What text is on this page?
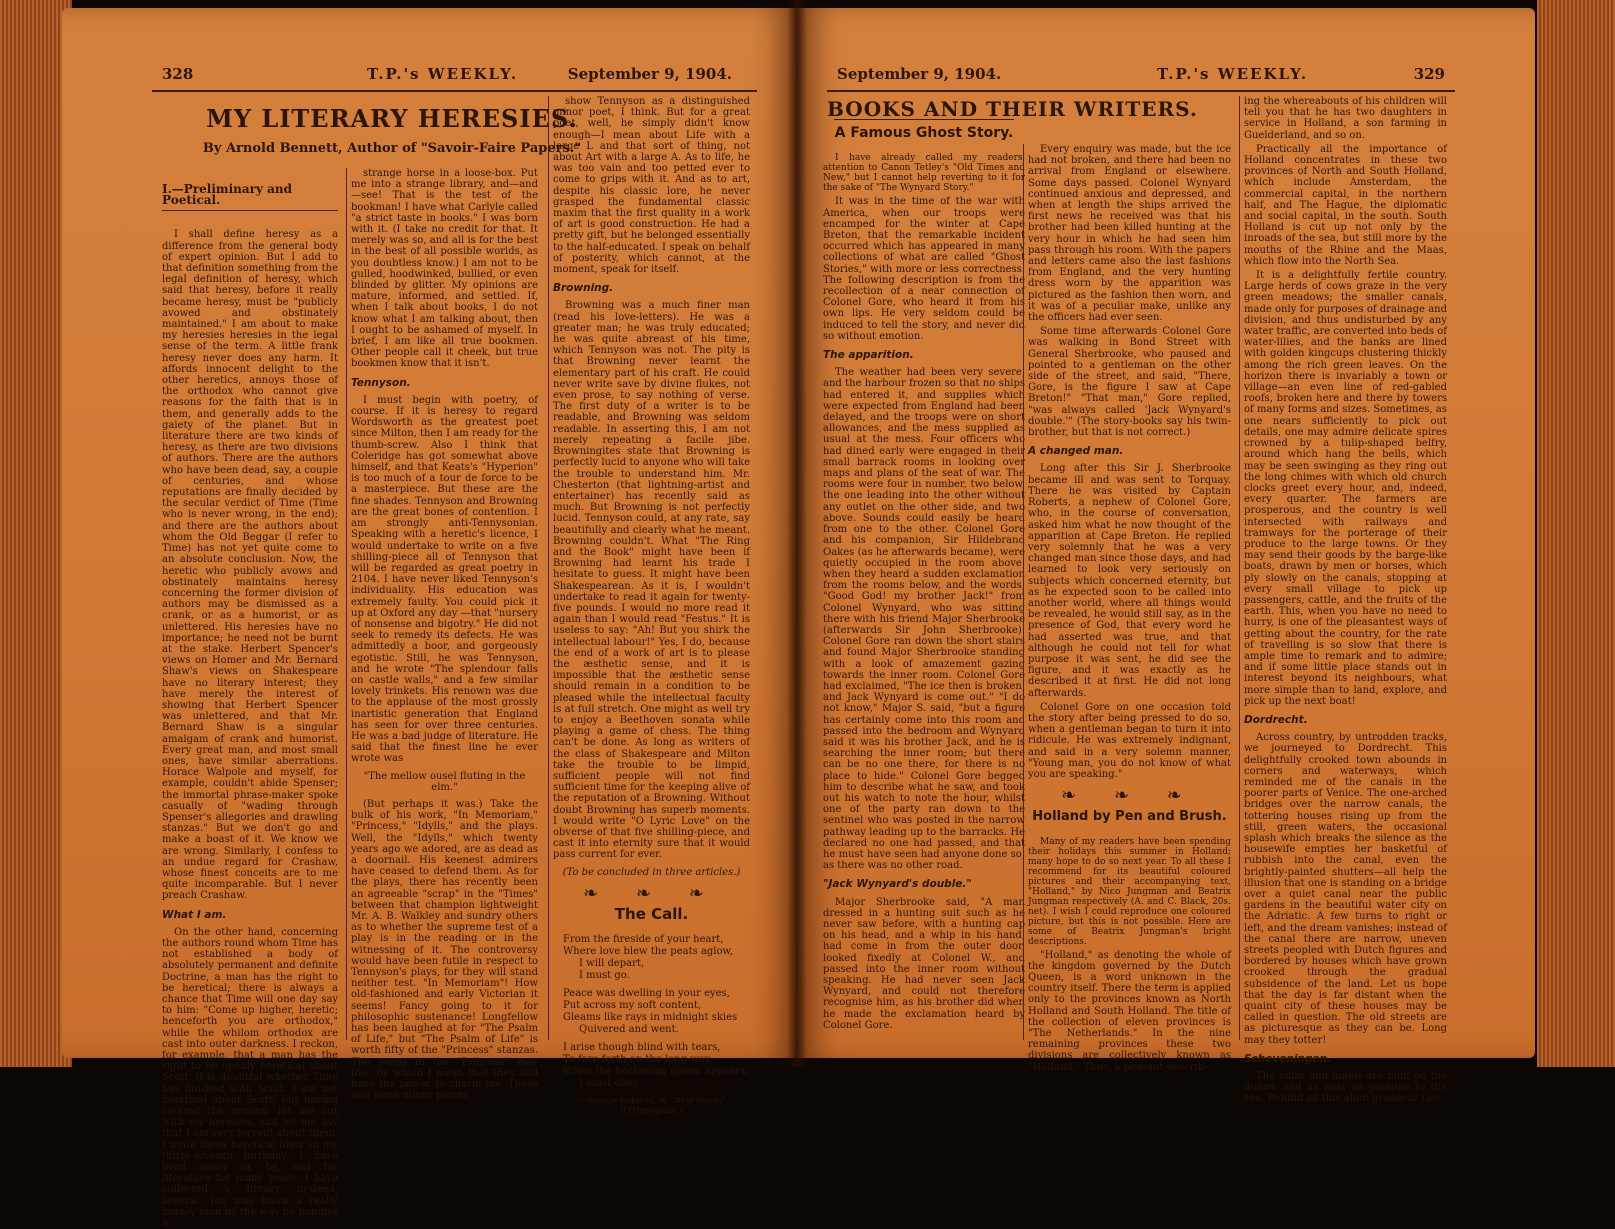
328	T.P.'s WEEKLY.	September 9, 1904.
MY LITERARY HERESIES.
By Arnold Bennett, Author of "Savoir-Faire Papers."
I.—Preliminary and Poetical.

I shall define heresy as a difference from the general body of expert opinion. But I add to that definition something from the legal definition of heresy, which said that heresy, before it really became heresy, must be "publicly avowed and obstinately maintained." I am about to make my heresies heresies in the legal sense of the term. A little frank heresy never does any harm. It affords innocent delight to the other heretics, annoys those of the orthodox who cannot give reasons for the faith that is in them, and generally adds to the gaiety of the planet. But in literature there are two kinds of heresy, as there are two divisions of authors. There are the authors who have been dead, say, a couple of centuries, and whose reputations are finally decided by the secular verdict of Time (Time who is never wrong, in the end); and there are the authors about whom the Old Beggar (I refer to Time) has not yet quite come to an absolute conclusion. Now, the heretic who publicly avows and obstinately maintains heresy concerning the former division of authors may be dismissed as a crank, or as a humorist, or as unlettered. His heresies have no importance; he need not be burnt at the stake. Herbert Spencer's views on Homer and Mr. Bernard Shaw's views on Shakespeare have no literary interest; they have merely the interest of showing that Herbert Spencer was unlettered, and that Mr. Bernard Shaw is a singular amalgam of crank and humorist. Every great man, and most small ones, have similar aberrations. Horace Walpole and myself, for example, couldn't abide Spenser; the immortal phrase-maker spoke casually of "wading through Spenser's allegories and drawling stanzas." But we don't go and make a boast of it. We know we are wrong. Similarly, I confess to an undue regard for Crashaw, whose finest conceits are to me quite incomparable. But I never preach Crashaw.

What I am.

On the other hand, concerning the authors round whom Time has not established a body of absolutely permanent and definite Doctrine, a man has the right to be heretical; there is always a chance that Time will one day say to him: "Come up higher, heretic; henceforth you are orthodox," while the whilom orthodox are cast into outer darkness. I reckon, for example, that a man has the right to be openly heretical about Scott; it is doubtful whether Time has finished with Scott. I am not heretical about Scott; but having cleared the ground, let me out with my heresies, and let me say that I am very fervent about them. I write these heretical lines on my thirty-seventh birthday. I have lived solely in, by, and for literature for many years. I have collected a library in-deed, several. You may know a really horsey man by the way he handles a

strange horse in a loose-box. Put me into a strange library, and—and—see! That is the test of the bookman! I have what Carlyle called "a strict taste in books." I was born with it. (I take no credit for that. It merely was so, and all is for the best in the best of all possible worlds, as you doubtless know.) I am not to be gulled, hoodwinked, bullied, or even blinded by glitter. My opinions are mature, informed, and settled. If, when I talk about books, I do not know what I am talking about, then I ought to be ashamed of myself. In brief, I am like all true bookmen. Other people call it cheek, but true bookmen know that it isn't.

Tennyson.

I must begin with poetry, of course. If it is heresy to regard Wordsworth as the greatest poet since Milton, then I am ready for the thumb-screw. Also I think that Coleridge has got somewhat above himself, and that Keats's "Hyperion" is too much of a tour de force to be a masterpiece. But these are the fine shades. Tennyson and Browning are the great bones of contention. I am strongly anti-Tennysonian. Speaking with a heretic's licence, I would undertake to write on a five shilling-piece all of Tennyson that will be regarded as great poetry in 2104. I have never liked Tennyson's individuality. His education was extremely faulty. You could pick it up at Oxford any day —that "nursery of nonsense and bigotry." He did not seek to remedy its defects. He was admittedly a boor, and gorgeously egotistic. Still, he was Tennyson, and he wrote "The splendour falls on castle walls," and a few similar lovely trinkets. His renown was due to the applause of the most grossly inartistic generation that England has seen for over three centuries. He was a bad judge of literature. He said that the finest line he ever wrote was

"The mellow ousel fluting in the elm."

(But perhaps it was.) Take the bulk of his work, "In Memoriam," "Princess," "Idylls," and the plays. Well, the "Idylls," which twenty years ago we adored, are as dead as a doornail. His keenest admirers have ceased to defend them. As for the plays, there has recently been an agreeable "scrap" in the "Times" between that champion lightweight Mr. A. B. Walkley and sundry others as to whether the supreme test of a play is in the reading or in the witnessing of it. The controversy would have been futile in respect to Tennyson's plays, for they will stand neither test. "In Memoriam"! How old-fashioned and early Victorian it seems! Fancy going to it for philosophic sustenance! Longfellow has been laughed at for "The Psalm of Life," but "The Psalm of Life" is worth fifty of the "Princess" stanzas. The songs in the "Princess" may live, by which I mean that they still have the power to charm me. These and some minor pieces

show Tennyson as a distinguished minor poet, I think. But for a great poet, well, he simply didn't know enough—I mean about Life with a large L and that sort of thing, not about Art with a large A. As to life, he was too vain and too petted ever to come to grips with it. And as to art, despite his classic lore, he never grasped the fundamental classic maxim that the first quality in a work of art is good construction. He had a pretty gift, but he belonged essentially to the half-educated. I speak on behalf of posterity, which cannot, at the moment, speak for itself.

Browning.

Browning was a much finer man (read his love-letters). He was a greater man; he was truly educated; he was quite abreast of his time, which Tennyson was not. The pity is that Browning never learnt the elementary part of his craft. He could never write save by divine flukes, not even prose, to say nothing of verse. The first duty of a writer is to be readable, and Browning was seldom readable. In asserting this, I am not merely repeating a facile jibe. Browningites state that Browning is perfectly lucid to anyone who will take the trouble to understand him. Mr. Chesterton (that lightning-artist and entertainer) has recently said as much. But Browning is not perfectly lucid. Tennyson could, at any rate, say beautifully and clearly what he meant. Browning couldn't. What "The Ring and the Book" might have been if Browning had learnt his trade I hesitate to guess. It might have been Shakespearean. As it is, I wouldn't undertake to read it again for twenty-five pounds. I would no more read it again than I would read "Festus." It is useless to say: "Ah! But you shirk the intellectual labour!" Yes, I do, because the end of a work of art is to please the æsthetic sense, and it is impossible that the æsthetic sense should remain in a condition to be pleased while the intellectual faculty is at full stretch. One might as well try to enjoy a Beethoven sonata while playing a game of chess. The thing can't be done. As long as writers of the class of Shakespeare and Milton take the trouble to be limpid, sufficient people will not find sufficient time for the keeping alive of the reputation of a Browning. Without doubt Browning has superb moments. I would write "O Lyric Love" on the obverse of that five shilling-piece, and cast it into eternity sure that it would pass current for ever.

(To be concluded in three articles.)
❧ ❧ ❧
The Call.
From the fireside of your heart,
Where love blew the peats aglow,
I will depart,
I must go.
Peace was dwelling in your eyes,
Put across my soft content,
Gleams like rays in midnight skies
Quivered and went.
I arise though blind with tears,
To fare forth on the long way.
When the beckoning gleam appears,
I must obey.
—George Roberts, in "New Songs" (O'Donoghue.)
September 9, 1904.	T.P.'s WEEKLY.	329
BOOKS AND THEIR WRITERS.
A Famous Ghost Story.

I have already called my readers' attention to Canon Tetley's "Old Times and New," but I cannot help reverting to it for the sake of "The Wynyard Story."

It was in the time of the war with America, when our troops were encamped for the winter at Cape Breton, that the remarkable incident occurred which has appeared in many collections of what are called "Ghost Stories," with more or less correctness. The following description is from the recollection of a near connection of Colonel Gore, who heard it from his own lips. He very seldom could be induced to tell the story, and never did so without emotion.

The apparition.

The weather had been very severe, and the harbour frozen so that no ships had entered it, and supplies which were expected from England had been delayed, and the troops were on short allowances, and the mess supplied as usual at the mess. Four officers who had dined early were engaged in their small barrack rooms in looking over maps and plans of the seat of war. The rooms were four in number, two below, the one leading into the other without any outlet on the other side, and two above. Sounds could easily be heard from one to the other. Colonel Gore and his companion, Sir Hildebrand Oakes (as he afterwards became), were quietly occupied in the room above, when they heard a sudden exclamation from the rooms below, and the words, "Good God! my brother Jack!" from Colonel Wynyard, who was sitting there with his friend Major Sherbrooke (afterwards Sir John Sherbrooke). Colonel Gore ran down the short stairs and found Major Sherbrooke standing with a look of amazement gazing towards the inner room. Colonel Gore had exclaimed, "The ice then is broken, and Jack Wynyard is come out." "I do not know," Major S. said, "but a figure has certainly come into this room and passed into the bedroom and Wynyard said it was his brother Jack, and he is searching the inner room; but there can be no one there, for there is no place to hide." Colonel Gore begged him to describe what he saw, and took out his watch to note the hour, whilst one of the party ran down to the sentinel who was posted in the narrow pathway leading up to the barracks. He declared no one had passed, and that he must have seen had anyone done so, as there was no other road.

"Jack Wynyard's double."

Major Sherbrooke said, "A man dressed in a hunting suit such as he never saw before, with a hunting cap on his head, and a whip in his hand, had come in from the outer door, looked fixedly at Colonel W., and passed into the inner room without speaking. He had never seen Jack Wynyard, and could not therefore recognise him, as his brother did when he made the exclamation heard by Colonel Gore.

Every enquiry was made, but the ice had not broken, and there had been no arrival from England or elsewhere. Some days passed. Colonel Wynyard continued anxious and depressed, and when at length the ships arrived the first news he received was that his brother had been killed hunting at the very hour in which he had seen him pass through his room. With the papers and letters came also the last fashions from England, and the very hunting dress worn by the apparition was pictured as the fashion then worn, and it was of a peculiar make, unlike any the officers had ever seen.

Some time afterwards Colonel Gore was walking in Bond Street with General Sherbrooke, who paused and pointed to a gentleman on the other side of the street, and said, "There, Gore, is the figure I saw at Cape Breton!" "That man," Gore replied, "was always called 'Jack Wynyard's double.'" (The story-books say his twin-brother, but that is not correct.)

A changed man.

Long after this Sir J. Sherbrooke became ill and was sent to Torquay. There he was visited by Captain Roberts, a nephew of Colonel Gore, who, in the course of conversation, asked him what he now thought of the apparition at Cape Breton. He replied very solemnly that he was a very changed man since those days, and had learned to look very seriously on subjects which concerned eternity, but as he expected soon to be called into another world, where all things would be revealed, he would still say, as in the presence of God, that every word he had asserted was true, and that although he could not tell for what purpose it was sent, he did see the figure, and it was exactly as he described it at first. He did not long afterwards.

Colonel Gore on one occasion told the story after being pressed to do so, when a gentleman began to turn it into ridicule. He was extremely indignant, and said in a very solemn manner, "Young man, you do not know of what you are speaking."

❧ ❧ ❧
Holland by Pen and Brush.

Many of my readers have been spending their holidays this summer in Holland; many hope to do so next year. To all these I recommend for its beautiful coloured pictures and their accompanying text, "Holland," by Nico Jungman and Beatrix Jungman respectively (A. and C. Black, 20s. net). I wish I could reproduce one coloured picture, but this is not possible. Here are some of Beatrix Jungman's bright descriptions.

"Holland," as denoting the whole of the kingdom governed by the Dutch Queen, is a word unknown in the country itself. There the term is applied only to the provinces known as North Holland and South Holland. The title of the collection of eleven provinces is "The Netherlands." In the nine remaining provinces these two divisions are collectively known as "Holland." Thus, a peasant describ-

ing the whereabouts of his children will tell you that he has two daughters in service in Holland, a son farming in Guelderland, and so on.

Practically all the importance of Holland concentrates in these two provinces of North and South Holland, which include Amsterdam, the commercial capital, in the northern half, and The Hague, the diplomatic and social capital, in the south. South Holland is cut up not only by the inroads of the sea, but still more by the mouths of the Rhine and the Maas, which flow into the North Sea.

It is a delightfully fertile country. Large herds of cows graze in the very green meadows; the smaller canals, made only for purposes of drainage and division, and thus undisturbed by any water traffic, are converted into beds of water-lilies, and the banks are lined with golden kingcups clustering thickly among the rich green leaves. On the horizon there is invariably a town or village—an even line of red-gabled roofs, broken here and there by towers of many forms and sizes. Sometimes, as one nears sufficiently to pick out details, one may admire delicate spires crowned by a tulip-shaped belfry, around which hang the bells, which may be seen swinging as they ring out the long chimes with which old church clocks greet every hour, and, indeed, every quarter. The farmers are prosperous, and the country is well intersected with railways and tramways for the porterage of their produce to the large towns. Or they may send their goods by the barge-like boats, drawn by men or horses, which ply slowly on the canals, stopping at every small village to pick up passengers, cattle, and the fruits of the earth. This, when you have no need to hurry, is one of the pleasantest ways of getting about the country, for the rate of travelling is so slow that there is ample time to remark and to admire; and if some little place stands out in interest beyond its neighbours, what more simple than to land, explore, and pick up the next boat!

Dordrecht.

Across country, by untrodden tracks, we journeyed to Dordrecht. This delightfully crooked town abounds in corners and waterways, which reminded me of the canals in the poorer parts of Venice. The one-arched bridges over the narrow canals, the tottering houses rising up from the still, green waters, the occasional splash which breaks the silence as the housewife empties her basketful of rubbish into the canal, even the brightly-painted shutters—all help the illusion that one is standing on a bridge over a quiet canal near the public gardens in the beautiful water city on the Adriatic. A few turns to right or left, and the dream vanishes; instead of the canal there are narrow, uneven streets peopled with Dutch figures and bordered by houses which have grown crooked through the gradual subsidence of the land. Let us hope that the day is far distant when the quaint city of these houses may be called in question. The old streets are as picturesque as they can be. Long may they totter!

Scheveningen.

The villas and hotels are built on the dunes, and as near as possible to the sea. Behind all this alien grandeur lies
